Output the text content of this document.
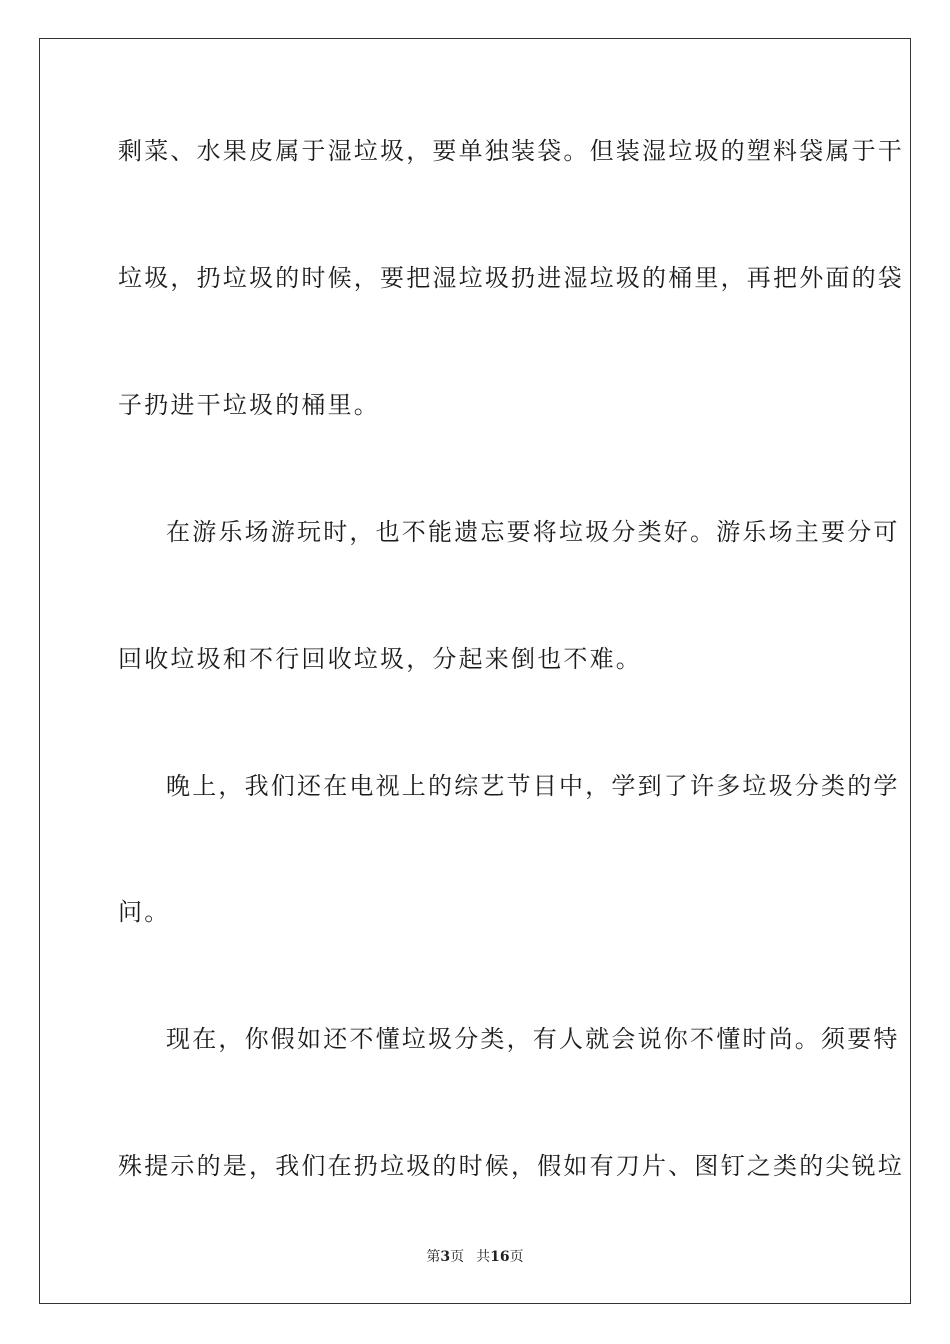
剩菜、水果皮属于湿垃圾，要单独装袋。但装湿垃圾的塑料袋属于干
垃圾，扔垃圾的时候，要把湿垃圾扔进湿垃圾的桶里，再把外面的袋
子扔进干垃圾的桶里。
在游乐场游玩时，也不能遗忘要将垃圾分类好。游乐场主要分可
回收垃圾和不行回收垃圾，分起来倒也不难。
晚上，我们还在电视上的综艺节目中，学到了许多垃圾分类的学
问。
现在，你假如还不懂垃圾分类，有人就会说你不懂时尚。须要特
殊提示的是，我们在扔垃圾的时候，假如有刀片、图钉之类的尖锐垃
第3页 共16页
